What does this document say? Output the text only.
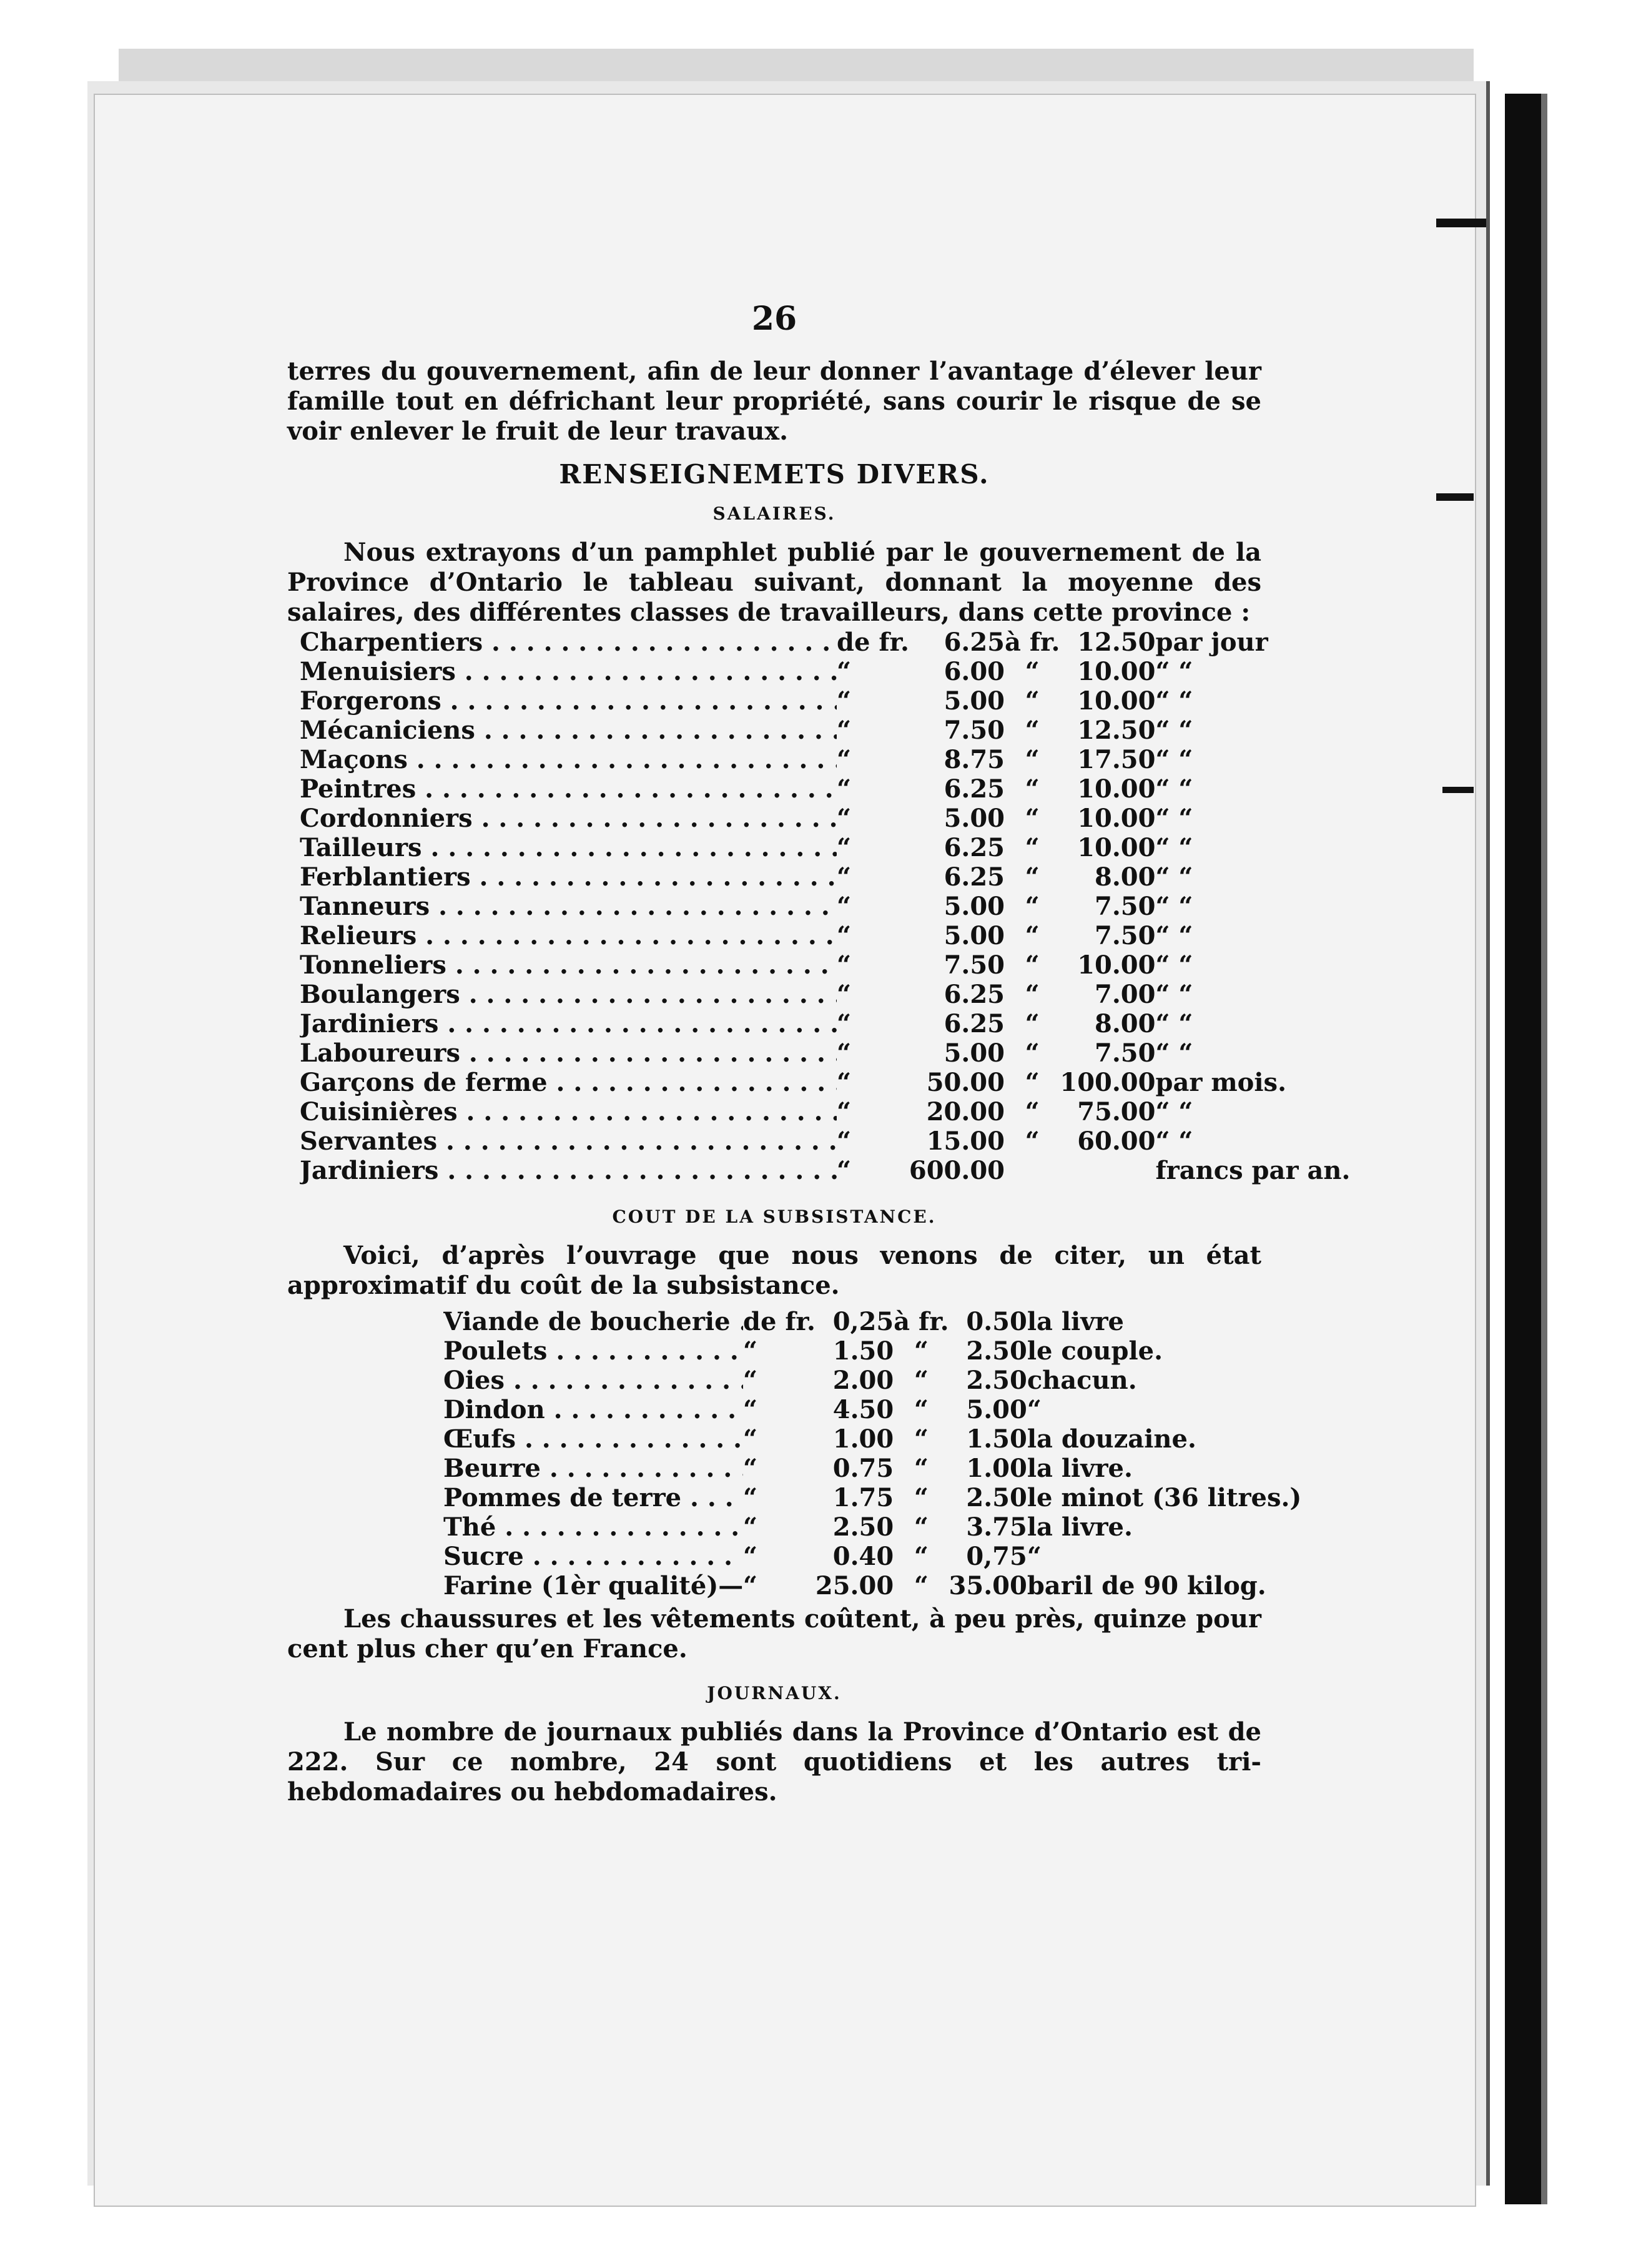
26

terres du gouvernement, afin de leur donner l’avantage d’élever leur famille tout en défrichant leur propriété, sans courir le risque de se voir enlever le fruit de leur travaux.

RENSEIGNEMETS DIVERS.
SALAIRES.

Nous extrayons d’un pamphlet publié par le gouvernement de la Province d’Ontario le tableau suivant, donnant la moyenne des salaires, des différentes classes de travailleurs, dans cette province :

Charpentiers . . .	de fr.	6.25	à fr.	12.50	par jour

Menuisiers . . .	“	6.00	“	10.00	“ “

Forgerons . . .	“	5.00	“	10.00	“ “

Mécaniciens . . .	“	7.50	“	12.50	“ “

Maçons . . .	“	8.75	“	17.50	“ “

Peintres . . .	“	6.25	“	10.00	“ “

Cordonniers . . .	“	5.00	“	10.00	“ “

Tailleurs . . .	“	6.25	“	10.00	“ “

Ferblantiers . . .	“	6.25	“	8.00	“ “

Tanneurs . . .	“	5.00	“	7.50	“ “

Relieurs . . .	“	5.00	“	7.50	“ “

Tonneliers . . .	“	7.50	“	10.00	“ “

Boulangers . . .	“	6.25	“	7.00	“ “

Jardiniers . . .	“	6.25	“	8.00	“ “

Laboureurs . . .	“	5.00	“	7.50	“ “

Garçons de ferme . . .	“	50.00	“	100.00	par mois.

Cuisinières . . .	“	20.00	“	75.00	“ “

Servantes . . .	“	15.00	“	60.00	“ “

Jardiniers . . .	“	600.00			francs par an.
COUT DE LA SUBSISTANCE.

Voici, d’après l’ouvrage que nous venons de citer, un état approximatif du coût de la subsistance.

Viande de boucherie . . .	de fr.	0,25	à fr.	0.50	la livre

Poulets . . .	“	1.50	“	2.50	le couple.

Oies . . .	“	2.00	“	2.50	chacun.

Dindon . . .	“	4.50	“	5.00	“

Œufs . . .	“	1.00	“	1.50	la douzaine.

Beurre . . .	“	0.75	“	1.00	la livre.

Pommes de terre . . .	“	1.75	“	2.50	le minot (36 litres.)

Thé . . .	“	2.50	“	3.75	la livre.

Sucre . . .	“	0.40	“	0,75	“

Farine (1èr qualité)—	“	25.00	“	35.00	baril de 90 kilog.

Les chaussures et les vêtements coûtent, à peu près, quinze pour cent plus cher qu’en France.

JOURNAUX.

Le nombre de journaux publiés dans la Province d’Ontario est de 222. Sur ce nombre, 24 sont quotidiens et les autres tri-hebdomadaires ou hebdomadaires.
